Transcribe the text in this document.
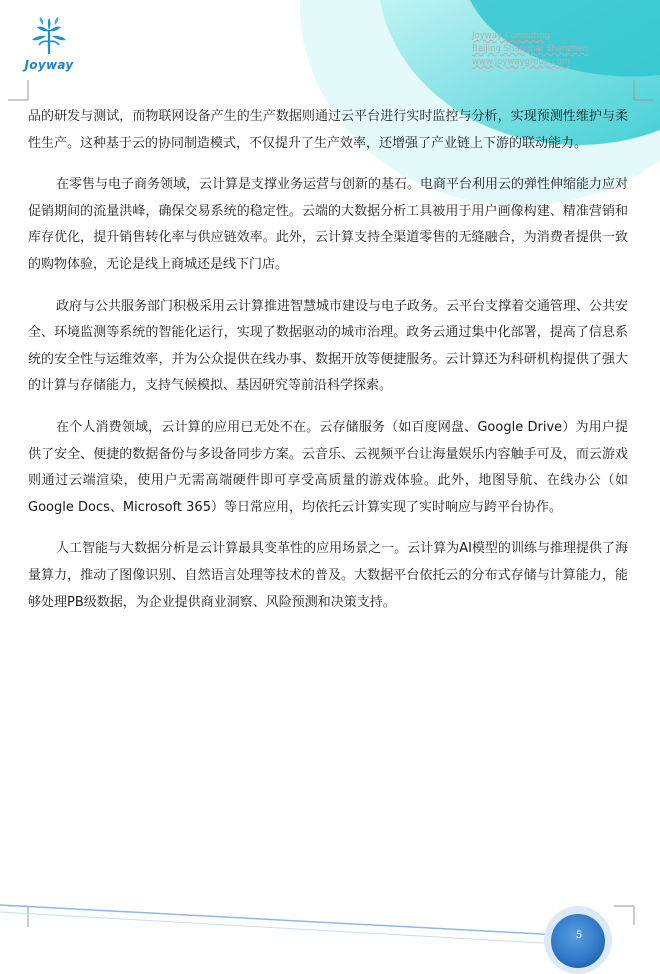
Joyway
Joyway Consulting
Beijing Shanghai Shenzhen
www.joywaygroup.com

品的研发与测试，而物联网设备产生的生产数据则通过云平台进行实时监控与分析，实现预测性维护与柔性生产。这种基于云的协同制造模式，不仅提升了生产效率，还增强了产业链上下游的联动能力。

在零售与电子商务领域，云计算是支撑业务运营与创新的基石。电商平台利用云的弹性伸缩能力应对促销期间的流量洪峰，确保交易系统的稳定性。云端的大数据分析工具被用于用户画像构建、精准营销和库存优化，提升销售转化率与供应链效率。此外，云计算支持全渠道零售的无缝融合，为消费者提供一致的购物体验，无论是线上商城还是线下门店。

政府与公共服务部门积极采用云计算推进智慧城市建设与电子政务。云平台支撑着交通管理、公共安全、环境监测等系统的智能化运行，实现了数据驱动的城市治理。政务云通过集中化部署，提高了信息系统的安全性与运维效率，并为公众提供在线办事、数据开放等便捷服务。云计算还为科研机构提供了强大的计算与存储能力，支持气候模拟、基因研究等前沿科学探索。

在个人消费领域，云计算的应用已无处不在。云存储服务（如百度网盘、Google Drive）为用户提供了安全、便捷的数据备份与多设备同步方案。云音乐、云视频平台让海量娱乐内容触手可及，而云游戏则通过云端渲染，使用户无需高端硬件即可享受高质量的游戏体验。此外，地图导航、在线办公（如Google Docs、Microsoft 365）等日常应用，均依托云计算实现了实时响应与跨平台协作。

人工智能与大数据分析是云计算最具变革性的应用场景之一。云计算为AI模型的训练与推理提供了海量算力，推动了图像识别、自然语言处理等技术的普及。大数据平台依托云的分布式存储与计算能力，能够处理PB级数据，为企业提供商业洞察、风险预测和决策支持。

5
